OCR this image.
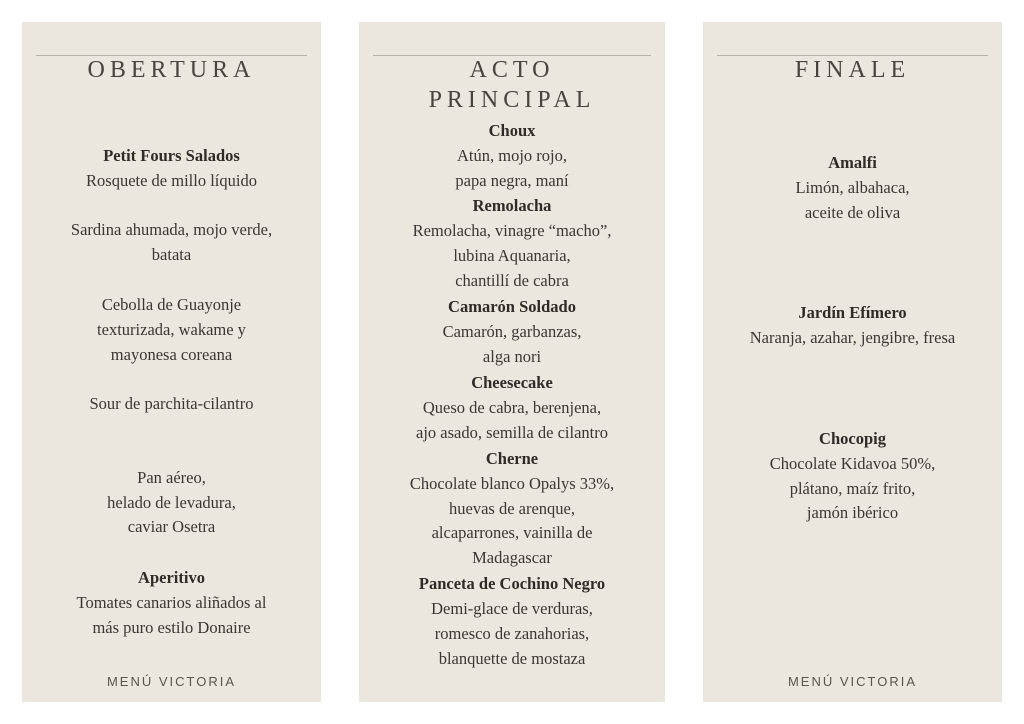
OBERTURA
Petit Fours Salados
Rosquete de millo líquido
Sardina ahumada, mojo verde,
batata
Cebolla de Guayonje
texturizada, wakame y
mayonesa coreana
Sour de parchita-cilantro
Pan aéreo,
helado de levadura,
caviar Osetra
Aperitivo
Tomates canarios aliñados al
más puro estilo Donaire
MENÚ VICTORIA
ACTO
PRINCIPAL
Choux
Atún, mojo rojo,
papa negra, maní
Remolacha
Remolacha, vinagre “macho”,
lubina Aquanaria,
chantillí de cabra
Camarón Soldado
Camarón, garbanzas,
alga nori
Cheesecake
Queso de cabra, berenjena,
ajo asado, semilla de cilantro
Cherne
Chocolate blanco Opalys 33%,
huevas de arenque,
alcaparrones, vainilla de
Madagascar
Panceta de Cochino Negro
Demi-glace de verduras,
romesco de zanahorias,
blanquette de mostaza
FINALE
Amalfi
Limón, albahaca,
aceite de oliva
Jardín Efímero
Naranja, azahar, jengibre, fresa
Chocopig
Chocolate Kidavoa 50%,
plátano, maíz frito,
jamón ibérico
MENÚ VICTORIA
